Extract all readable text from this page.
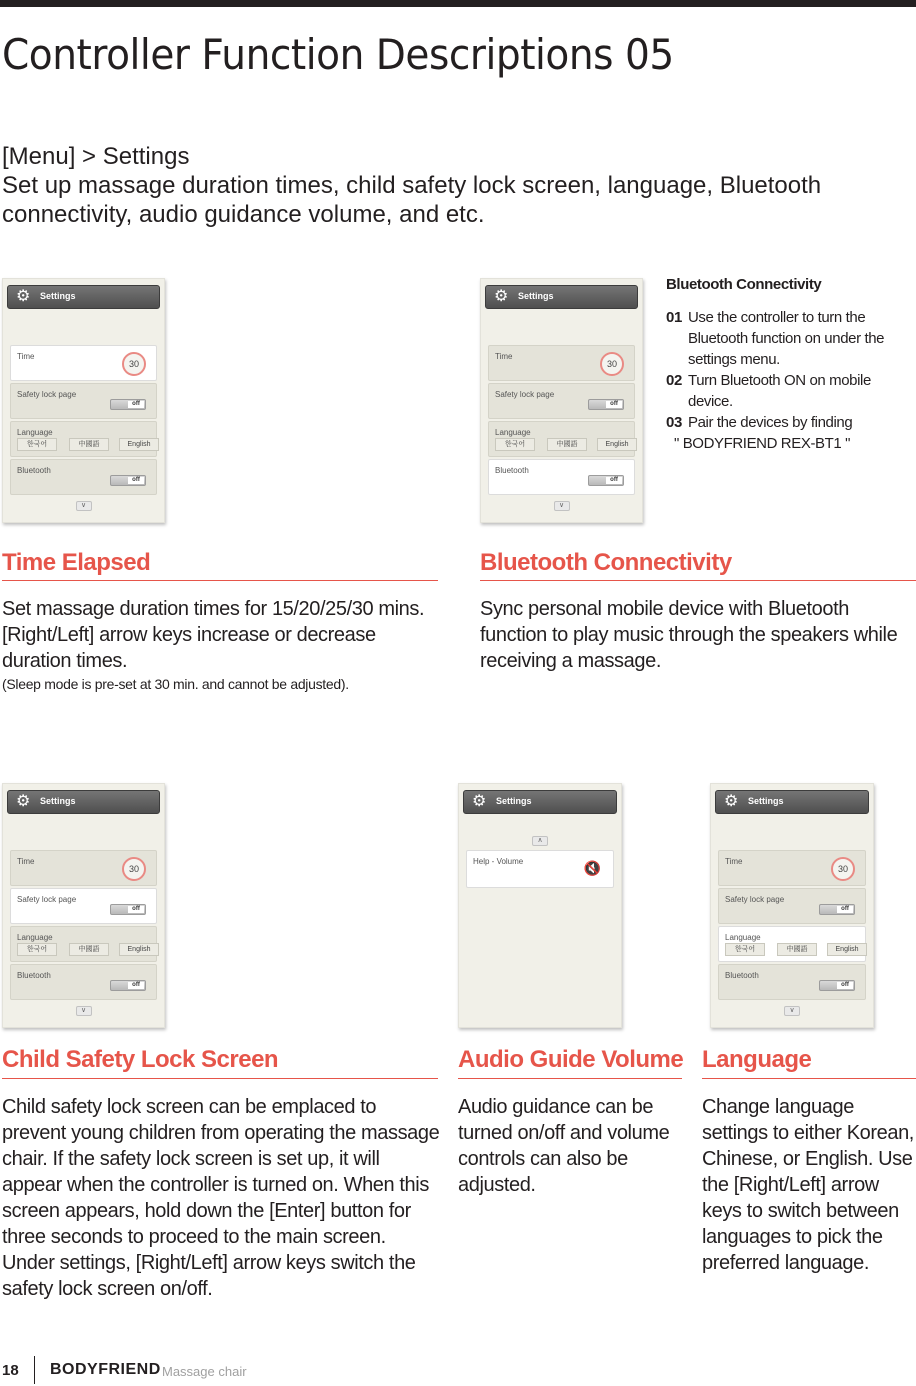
Controller Function Descriptions 05
[Menu] > Settings
Set up massage duration times, child safety lock screen, language, Bluetooth connectivity, audio guidance volume, and etc.
⚙ Settings
Time
30
Safety lock page
off
Language
한국어	中國語	English
Bluetooth
off
∨
⚙ Settings
Time
30
Safety lock page
off
Language
한국어	中國語	English
Bluetooth
off
∨
Bluetooth Connectivity
01 Use the controller to turn the Bluetooth function on under the settings menu.
02 Turn Bluetooth ON on mobile device.
03 Pair the devices by finding
" BODYFRIEND REX-BT1 "
Time Elapsed	Bluetooth Connectivity
Set massage duration times for 15/20/25/30 mins. [Right/Left] arrow keys increase or decrease duration times.
(Sleep mode is pre-set at 30 min. and cannot be adjusted).
Sync personal mobile device with Bluetooth function to play music through the speakers while receiving a massage.
⚙ Settings
Time
30
Safety lock page
off
Language
한국어	中國語	English
Bluetooth
off
∨
⚙ Settings
∧
Help - Volume	🔇
⚙ Settings
Time
30
Safety lock page
off
Language
한국어	中國語	English
Bluetooth
off
∨
Child Safety Lock Screen	Audio Guide Volume Language
Child safety lock screen can be emplaced to prevent young children from operating the massage chair. If the safety lock screen is set up, it will appear when the controller is turned on. When this screen appears, hold down the [Enter] button for three seconds to proceed to the main screen. Under settings, [Right/Left] arrow keys switch the safety lock screen on/off.
Audio guidance can be turned on/off and volume controls can also be adjusted.
Change language settings to either Korean, Chinese, or English. Use the [Right/Left] arrow keys to switch between languages to pick the preferred language.
18 BODYFRIEND Massage chair
